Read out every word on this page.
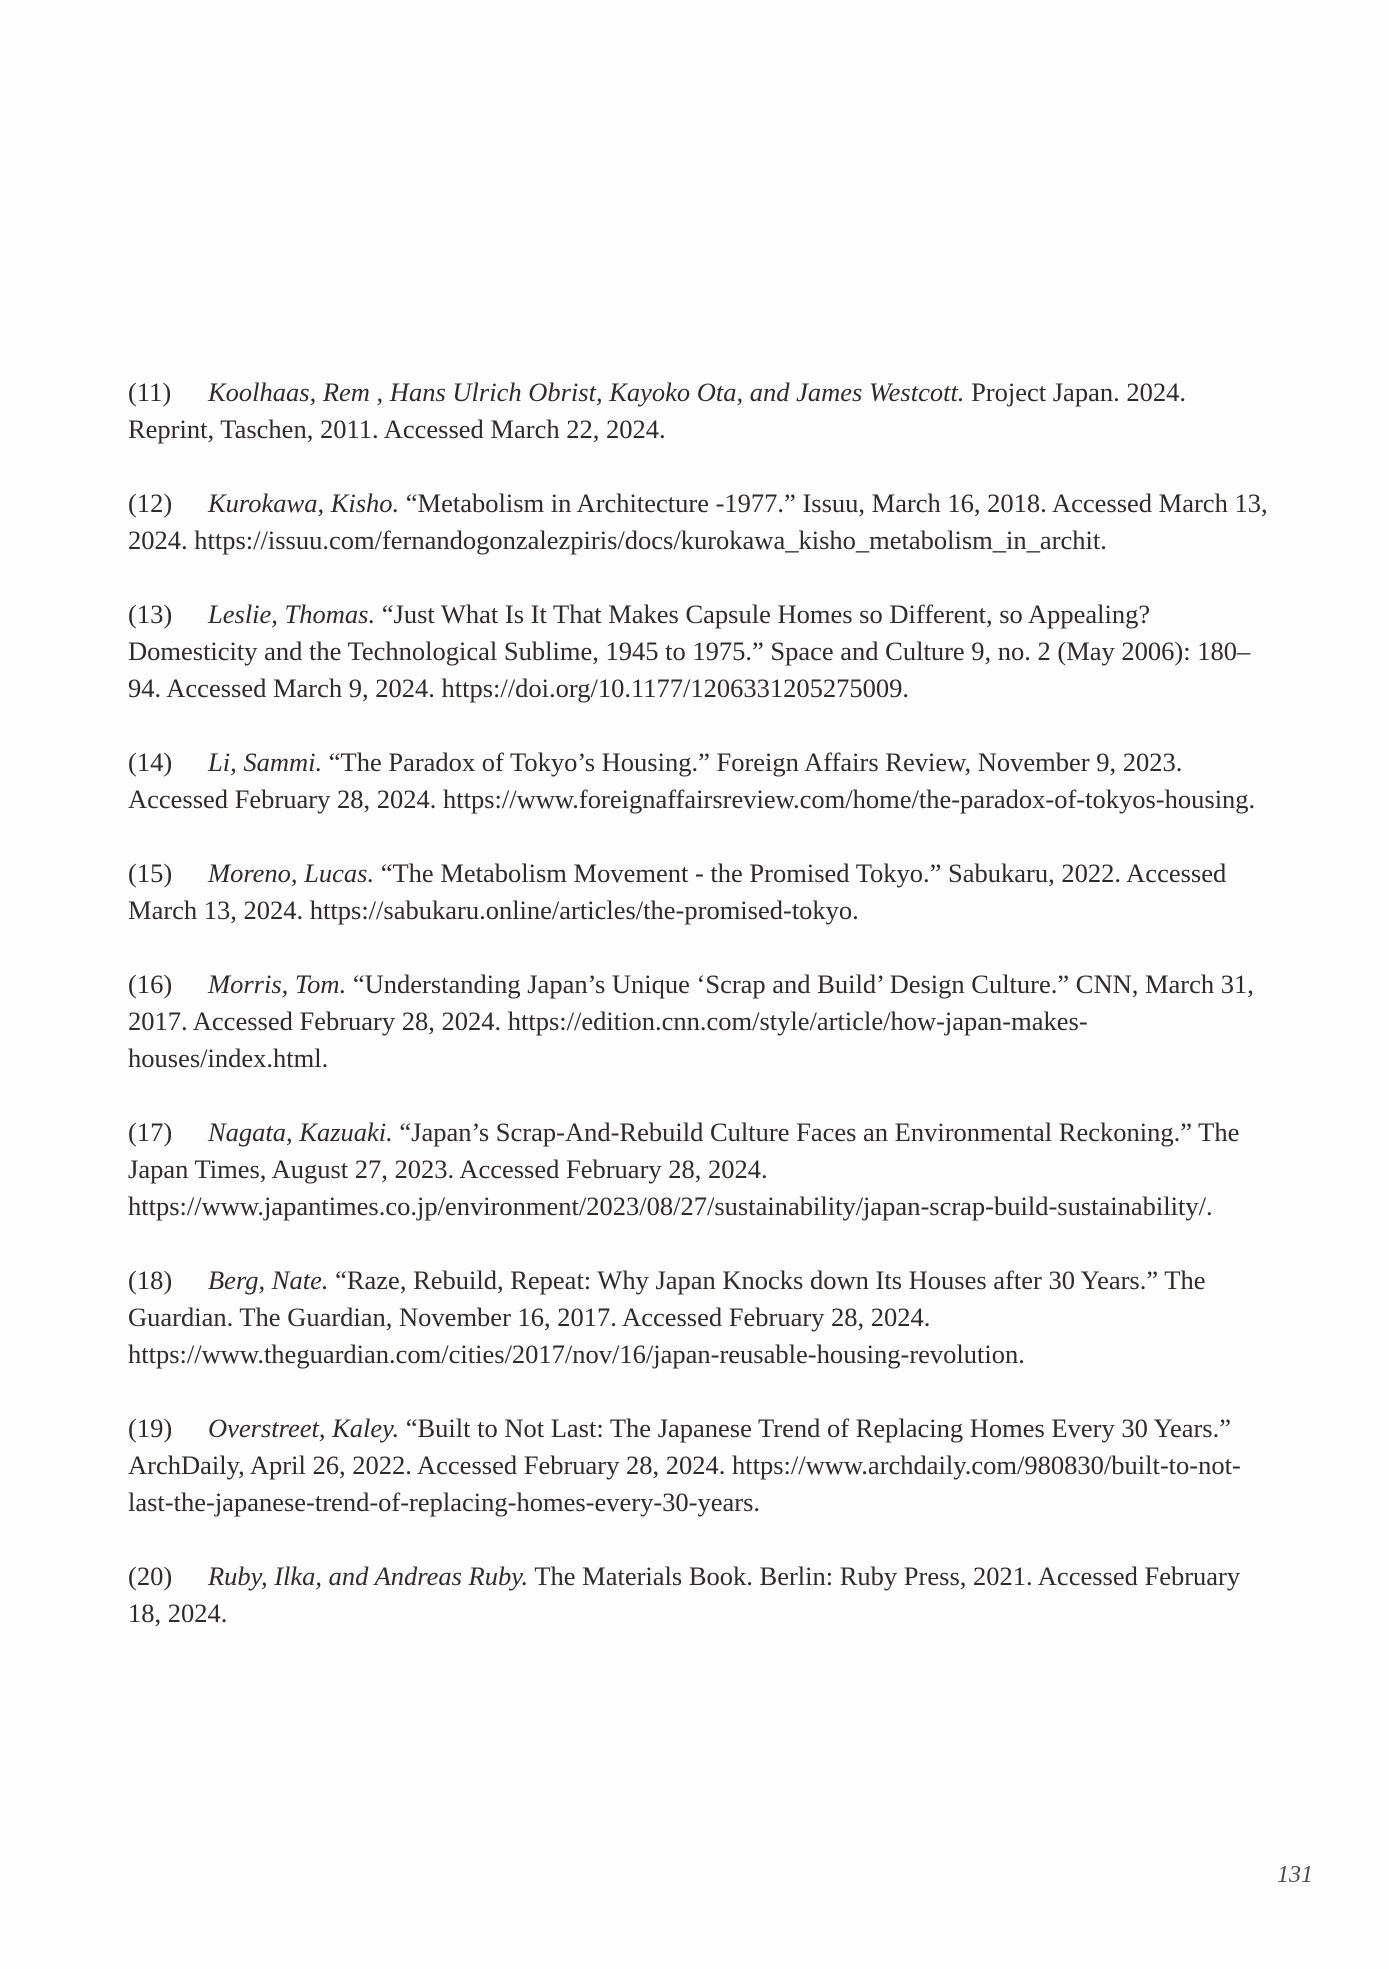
(11) Koolhaas, Rem , Hans Ulrich Obrist, Kayoko Ota, and James Westcott. Project Japan. 2024. Reprint, Taschen, 2011. Accessed March 22, 2024.

(12) Kurokawa, Kisho. “Metabolism in Architecture -1977.” Issuu, March 16, 2018. Accessed March 13, 2024. https://issuu.com/fernandogonzalezpiris/docs/kurokawa_kisho_metabolism_in_archit.

(13) Leslie, Thomas. “Just What Is It That Makes Capsule Homes so Different, so Appealing? Domesticity and the Technological Sublime, 1945 to 1975.” Space and Culture 9, no. 2 (May 2006): 180–94. Accessed March 9, 2024. https://doi.org/10.1177/1206331205275009.

(14) Li, Sammi. “The Paradox of Tokyo’s Housing.” Foreign Affairs Review, November 9, 2023. Accessed February 28, 2024. https://www.foreignaffairsreview.com/home/the-paradox-of-tokyos-housing.

(15) Moreno, Lucas. “The Metabolism Movement - the Promised Tokyo.” Sabukaru, 2022. Accessed March 13, 2024. https://sabukaru.online/articles/the-promised-tokyo.

(16) Morris, Tom. “Understanding Japan’s Unique ‘Scrap and Build’ Design Culture.” CNN, March 31, 2017. Accessed February 28, 2024. https://edition.cnn.com/style/article/how-japan-makes-houses/index.html.

(17) Nagata, Kazuaki. “Japan’s Scrap-And-Rebuild Culture Faces an Environmental Reckoning.” The Japan Times, August 27, 2023. Accessed February 28, 2024. https://www.japantimes.co.jp/environment/2023/08/27/sustainability/japan-scrap-build-sustainability/.

(18) Berg, Nate. “Raze, Rebuild, Repeat: Why Japan Knocks down Its Houses after 30 Years.” The Guardian. The Guardian, November 16, 2017. Accessed February 28, 2024. https://www.theguardian.com/cities/2017/nov/16/japan-reusable-housing-revolution.

(19) Overstreet, Kaley. “Built to Not Last: The Japanese Trend of Replacing Homes Every 30 Years.” ArchDaily, April 26, 2022. Accessed February 28, 2024. https://www.archdaily.com/980830/built-to-not-last-the-japanese-trend-of-replacing-homes-every-30-years.

(20) Ruby, Ilka, and Andreas Ruby. The Materials Book. Berlin: Ruby Press, 2021. Accessed February 18, 2024.

131
